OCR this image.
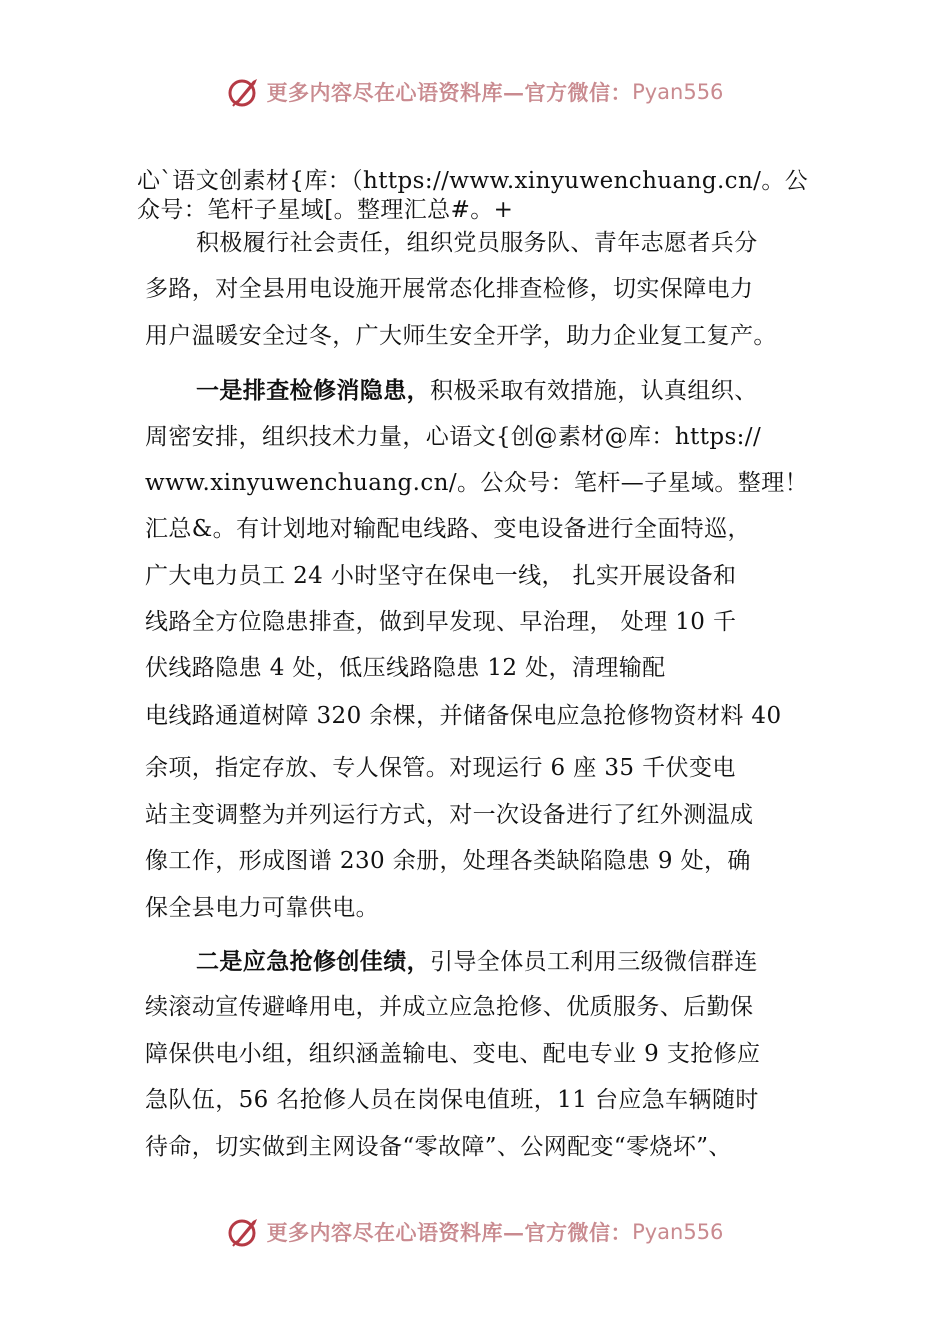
更多内容尽在心语资料库—官方微信： Pyan556
心`语文创素材{库：（https://www.xinyuwenchuang.cn/。公
众号：笔杆子星域[。整理汇总#。+
积极履行社会责任，组织党员服务队、青年志愿者兵分
多路，对全县用电设施开展常态化排查检修，切实保障电力
用户温暖安全过冬，广大师生安全开学，助力企业复工复产。
一是排查检修消隐患，积极采取有效措施，认真组织、
周密安排，组织技术力量，心语文{创@素材@库：https://
www.xinyuwenchuang.cn/。公众号：笔杆—子星域。整理！
汇总&。有计划地对输配电线路、变电设备进行全面特巡，
广大电力员工 24 小时坚守在保电一线， 扎实开展设备和
线路全方位隐患排查，做到早发现、早治理， 处理 10 千
伏线路隐患 4 处，低压线路隐患 12 处，清理输配
电线路通道树障 320 余棵，并储备保电应急抢修物资材料 40
余项，指定存放、专人保管。对现运行 6 座 35 千伏变电
站主变调整为并列运行方式，对一次设备进行了红外测温成
像工作，形成图谱 230 余册，处理各类缺陷隐患 9 处，确
保全县电力可靠供电。
二是应急抢修创佳绩，引导全体员工利用三级微信群连
续滚动宣传避峰用电，并成立应急抢修、优质服务、后勤保
障保供电小组，组织涵盖输电、变电、配电专业 9 支抢修应
急队伍，56 名抢修人员在岗保电值班，11 台应急车辆随时
待命，切实做到主网设备“零故障”、公网配变“零烧坏”、
更多内容尽在心语资料库—官方微信： Pyan556
